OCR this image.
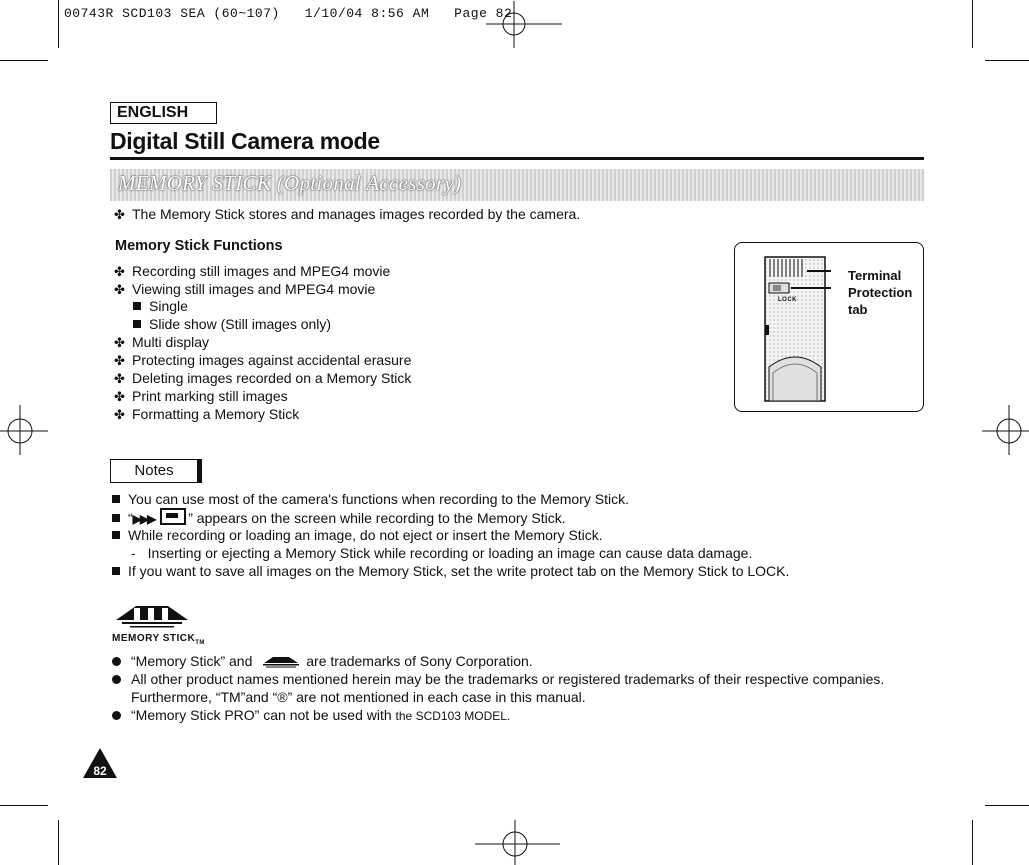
00743R SCD103 SEA (60~107)   1/10/04 8:56 AM   Page 82
ENGLISH
Digital Still Camera mode
MEMORY STICK (Optional Accessory)
✤ The Memory Stick stores and manages images recorded by the camera.
Memory Stick Functions
✤ Recording still images and MPEG4 movie
✤ Viewing still images and MPEG4 movie
Single
Slide show (Still images only)
✤ Multi display
✤ Protecting images against accidental erasure
✤ Deleting images recorded on a Memory Stick
✤ Print marking still images
✤ Formatting a Memory Stick
LOCK
Terminal
Protection
tab
Notes
You can use most of the camera's functions when recording to the Memory Stick.
“▶▶▶ ” appears on the screen while recording to the Memory Stick.
While recording or loading an image, do not eject or insert the Memory Stick.
- Inserting or ejecting a Memory Stick while recording or loading an image can cause data damage.
If you want to save all images on the Memory Stick, set the write protect tab on the Memory Stick to LOCK.
MEMORY $STICK_{TM}$
“Memory Stick” and	are trademarks of Sony Corporation.
All other product names mentioned herein may be the trademarks or registered trademarks of their respective companies.
Furthermore, “TM”and “®” are not mentioned in each case in this manual.
“Memory Stick PRO” can not be used with the SCD103 MODEL.
82
